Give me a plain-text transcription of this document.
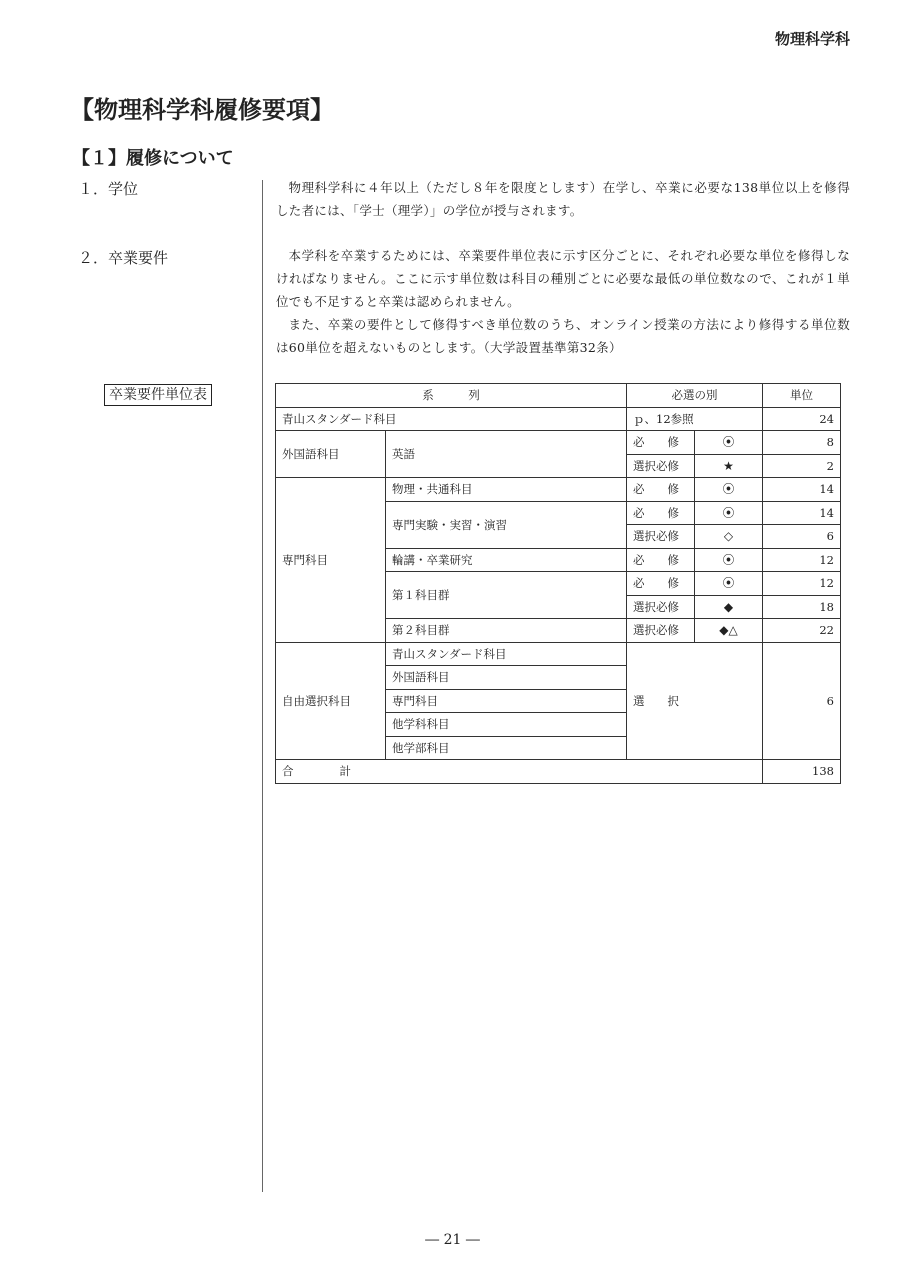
物理科学科
【物理科学科履修要項】
【１】履修について
１．学位
２．卒業要件

物理科学科に４年以上（ただし８年を限度とします）在学し、卒業に必要な138単位以上を修得した者には、「学士（理学）」の学位が授与されます。

本学科を卒業するためには、卒業要件単位表に示す区分ごとに、それぞれ必要な単位を修得しなければなりません。ここに示す単位数は科目の種別ごとに必要な最低の単位数なので、これが１単位でも不足すると卒業は認められません。

また、卒業の要件として修得すべき単位数のうち、オンライン授業の方法により修得する単位数は60単位を超えないものとします。（大学設置基準第32条）

卒業要件単位表	系　　　列		必選の別		単位
青山スタンダード科目		ｐ、12参照		24
外国語科目	英語	必　　修	⦿	8
		選択必修	★	2
専門科目	物理・共通科目	必　　修	⦿	14
	専門実験・実習・演習	必　　修	⦿	14
		選択必修	◇	6
	輪講・卒業研究	必　　修	⦿	12
	第１科目群	必　　修	⦿	12
		選択必修	◆	18
	第２科目群	選択必修	◆△	22
自由選択科目	青山スタンダード科目	選　　択		6
	外国語科目			
	専門科目			
	他学科科目			
	他学部科目			
合　　　　計				138
― 21 ―
